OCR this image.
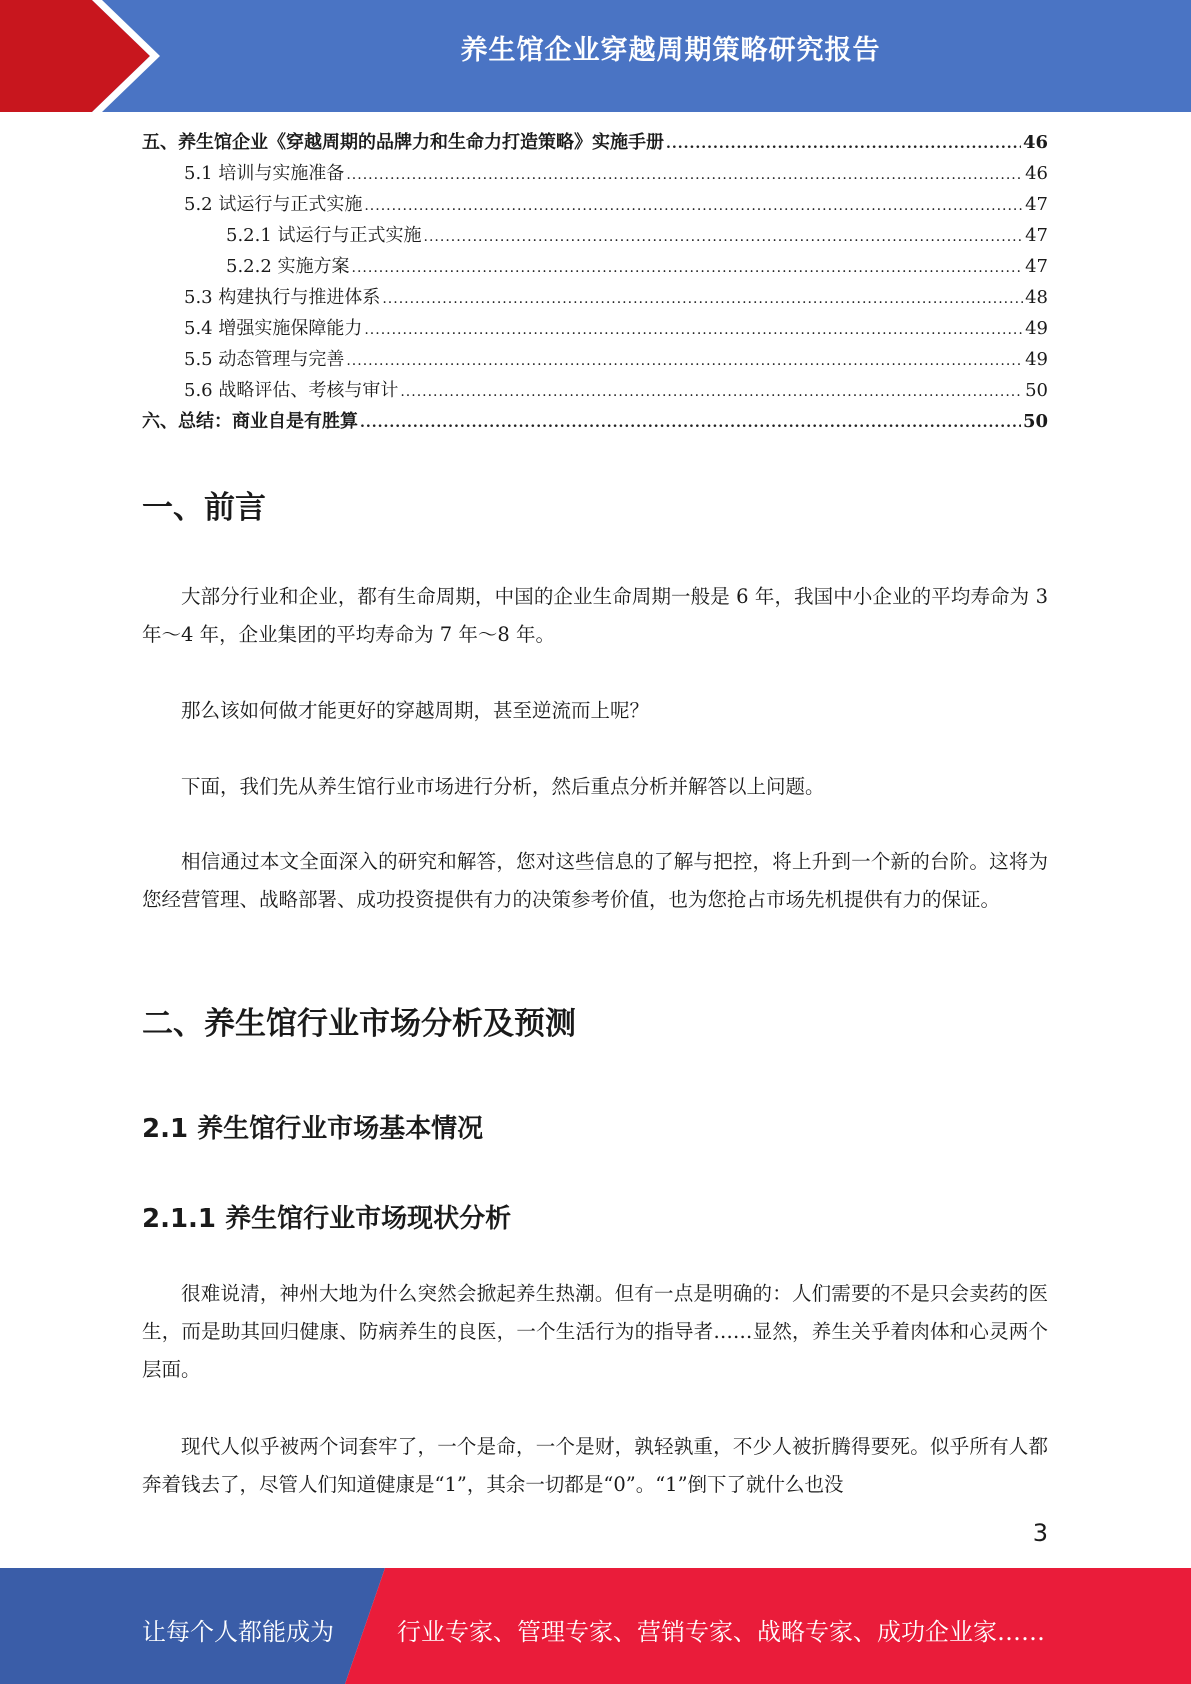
养生馆企业穿越周期策略研究报告
五、养生馆企业《穿越周期的品牌力和生命力打造策略》实施手册 .....	46
5.1 培训与实施准备 .....	46
5.2 试运行与正式实施 .....	47
5.2.1 试运行与正式实施 .....	47
5.2.2 实施方案 .....	47
5.3 构建执行与推进体系 .....	48
5.4 增强实施保障能力 .....	49
5.5 动态管理与完善 .....	49
5.6 战略评估、考核与审计 .....	50
六、总结：商业自是有胜算 .....	50
一、前言

大部分行业和企业，都有生命周期，中国的企业生命周期一般是 6 年，我国中小企业的平均寿命为 3 年～4 年，企业集团的平均寿命为 7 年～8 年。

那么该如何做才能更好的穿越周期，甚至逆流而上呢？

下面，我们先从养生馆行业市场进行分析，然后重点分析并解答以上问题。

相信通过本文全面深入的研究和解答，您对这些信息的了解与把控，将上升到一个新的台阶。这将为您经营管理、战略部署、成功投资提供有力的决策参考价值，也为您抢占市场先机提供有力的保证。

二、养生馆行业市场分析及预测
2.1 养生馆行业市场基本情况
2.1.1 养生馆行业市场现状分析

很难说清，神州大地为什么突然会掀起养生热潮。但有一点是明确的：人们需要的不是只会卖药的医生，而是助其回归健康、防病养生的良医，一个生活行为的指导者……显然，养生关乎着肉体和心灵两个层面。

现代人似乎被两个词套牢了，一个是命，一个是财，孰轻孰重，不少人被折腾得要死。似乎所有人都奔着钱去了，尽管人们知道健康是“1”，其余一切都是“0”。“1”倒下了就什么也没

3
让每个人都能成为	行业专家、管理专家、营销专家、战略专家、成功企业家……
